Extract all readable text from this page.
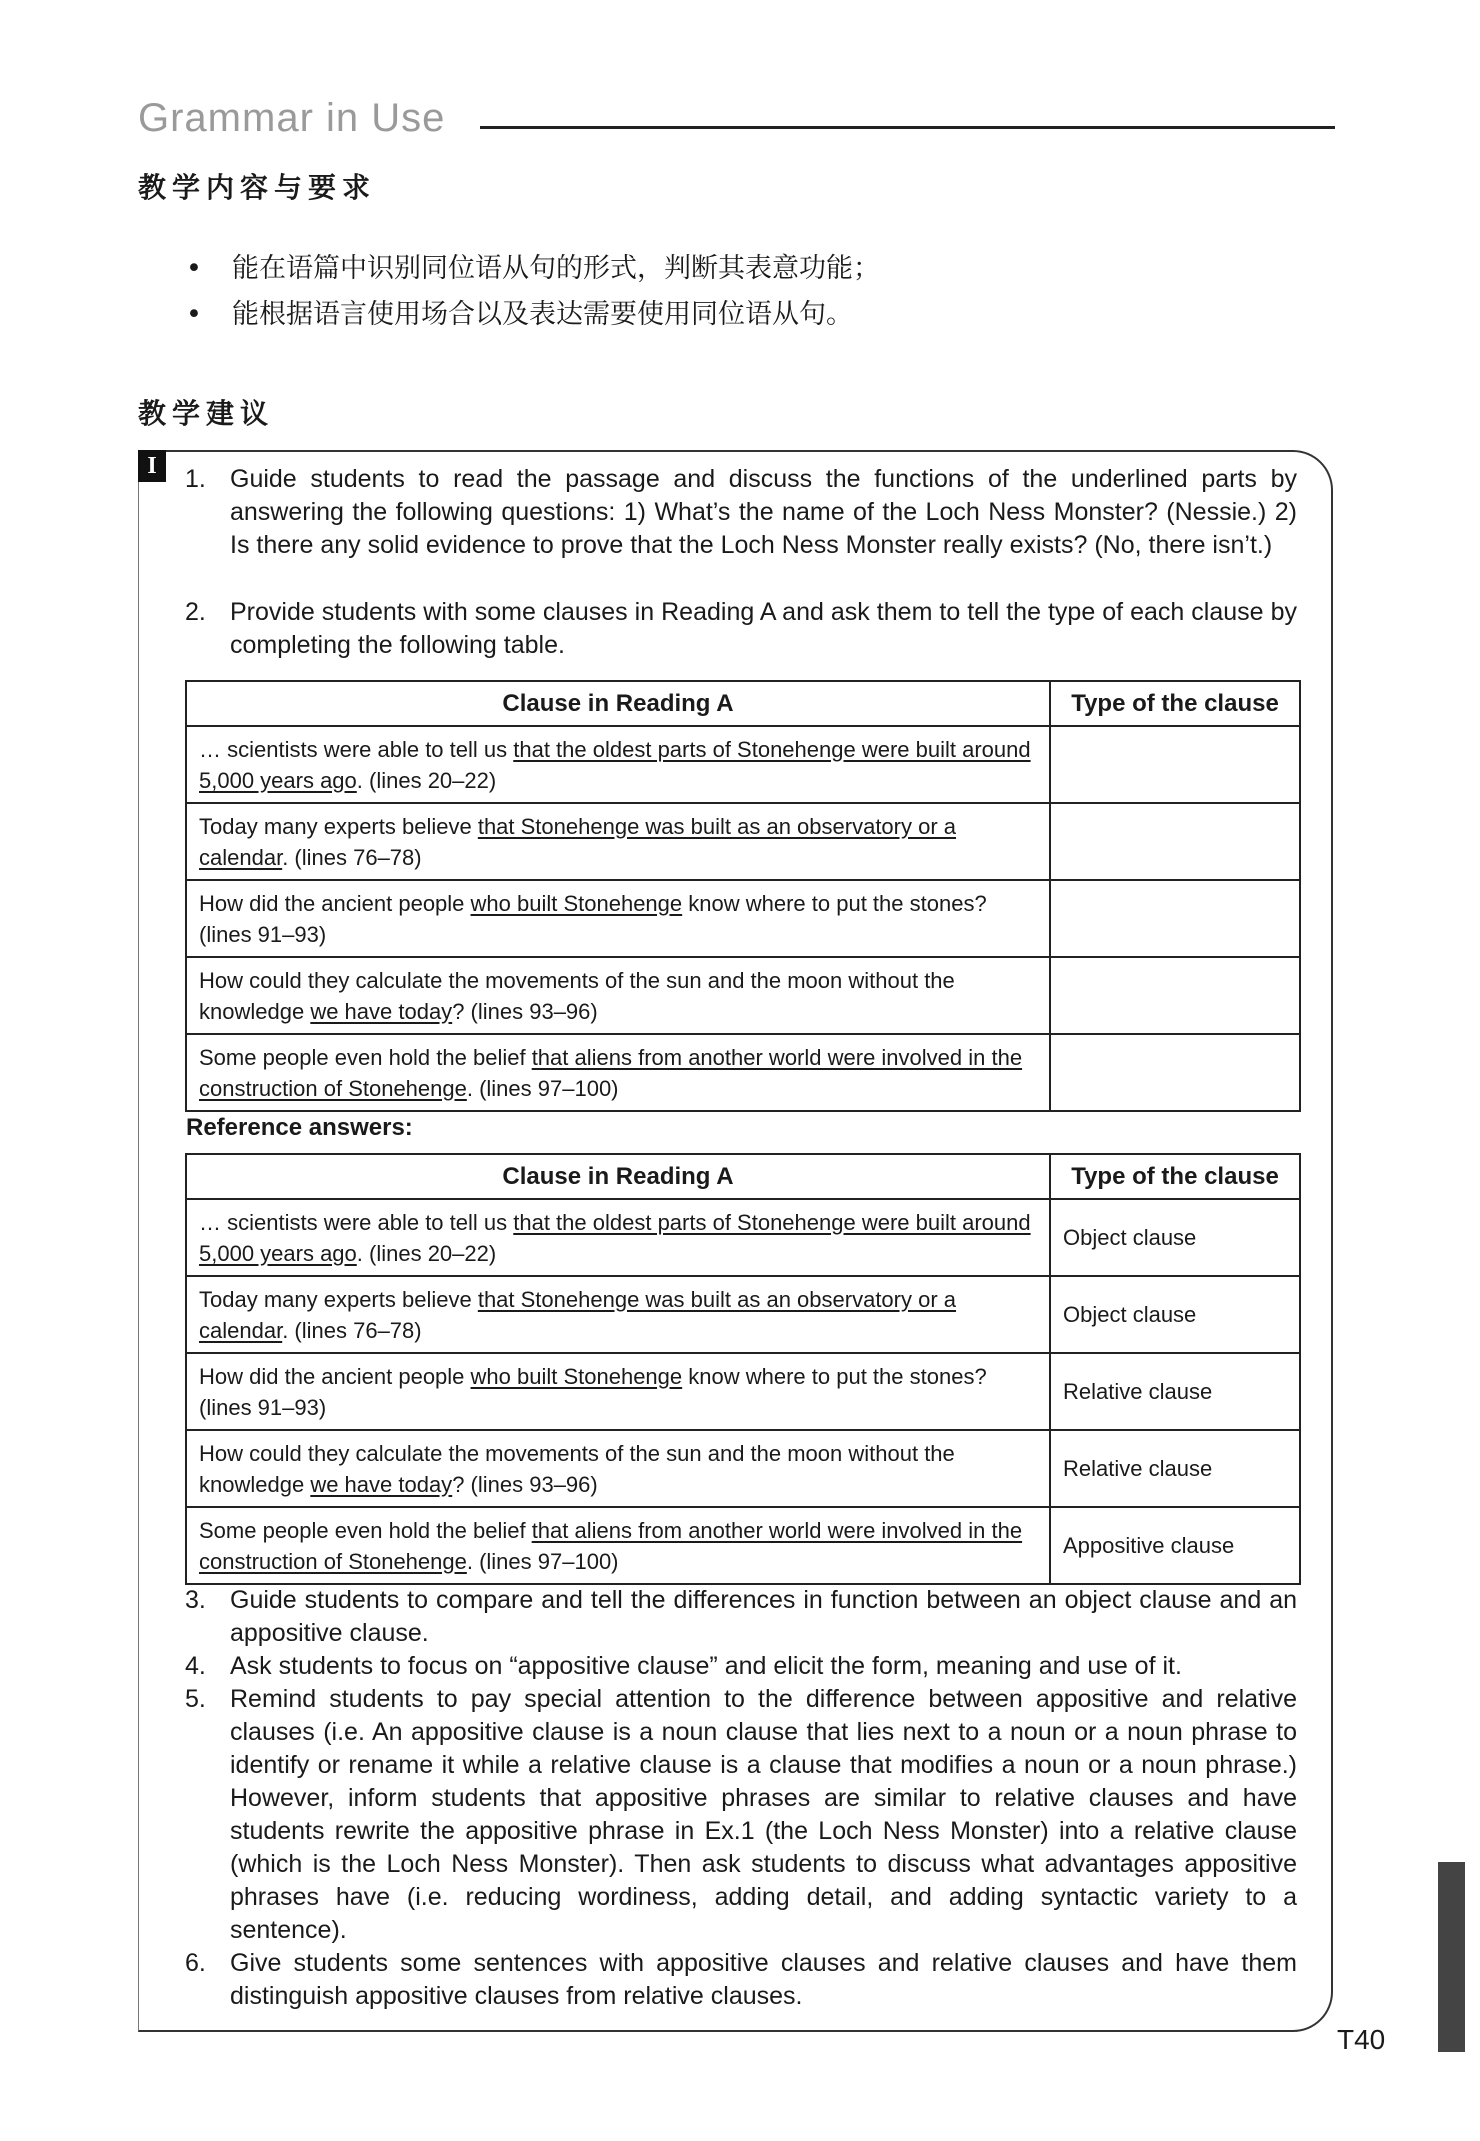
Grammar in Use
教学内容与要求
• 能在语篇中识别同位语从句的形式，判断其表意功能；
• 能根据语言使用场合以及表达需要使用同位语从句。
教学建议
I	1. Guide students to read the passage and discuss the functions of the underlined parts by answering the following questions: 1) What’s the name of the Loch Ness Monster? (Nessie.) 2) Is there any solid evidence to prove that the Loch Ness Monster really exists? (No, there isn’t.)
2. Provide students with some clauses in Reading A and ask them to tell the type of each clause by completing the following table.
Clause in Reading A	Type of the clause
… scientists were able to tell us that the oldest parts of Stonehenge were built around 5,000 years ago. (lines 20–22)	
Today many experts believe that Stonehenge was built as an observatory or a calendar. (lines 76–78)	
How did the ancient people who built Stonehenge know where to put the stones? (lines 91–93)	
How could they calculate the movements of the sun and the moon without the knowledge we have today? (lines 93–96)	
Some people even hold the belief that aliens from another world were involved in the construction of Stonehenge. (lines 97–100)	
Reference answers:
Clause in Reading A	Type of the clause
… scientists were able to tell us that the oldest parts of Stonehenge were built around 5,000 years ago. (lines 20–22)	Object clause
Today many experts believe that Stonehenge was built as an observatory or a calendar. (lines 76–78)	Object clause
How did the ancient people who built Stonehenge know where to put the stones? (lines 91–93)	Relative clause
How could they calculate the movements of the sun and the moon without the knowledge we have today? (lines 93–96)	Relative clause
Some people even hold the belief that aliens from another world were involved in the construction of Stonehenge. (lines 97–100)	Appositive clause
3. Guide students to compare and tell the differences in function between an object clause and an appositive clause.
4. Ask students to focus on “appositive clause” and elicit the form, meaning and use of it.
5. Remind students to pay special attention to the difference between appositive and relative clauses (i.e. An appositive clause is a noun clause that lies next to a noun or a noun phrase to identify or rename it while a relative clause is a clause that modifies a noun or a noun phrase.) However, inform students that appositive phrases are similar to relative clauses and have students rewrite the appositive phrase in Ex.1 (the Loch Ness Monster) into a relative clause (which is the Loch Ness Monster). Then ask students to discuss what advantages appositive phrases have (i.e. reducing wordiness, adding detail, and adding syntactic variety to a sentence).
6. Give students some sentences with appositive clauses and relative clauses and have them distinguish appositive clauses from relative clauses.
T40
